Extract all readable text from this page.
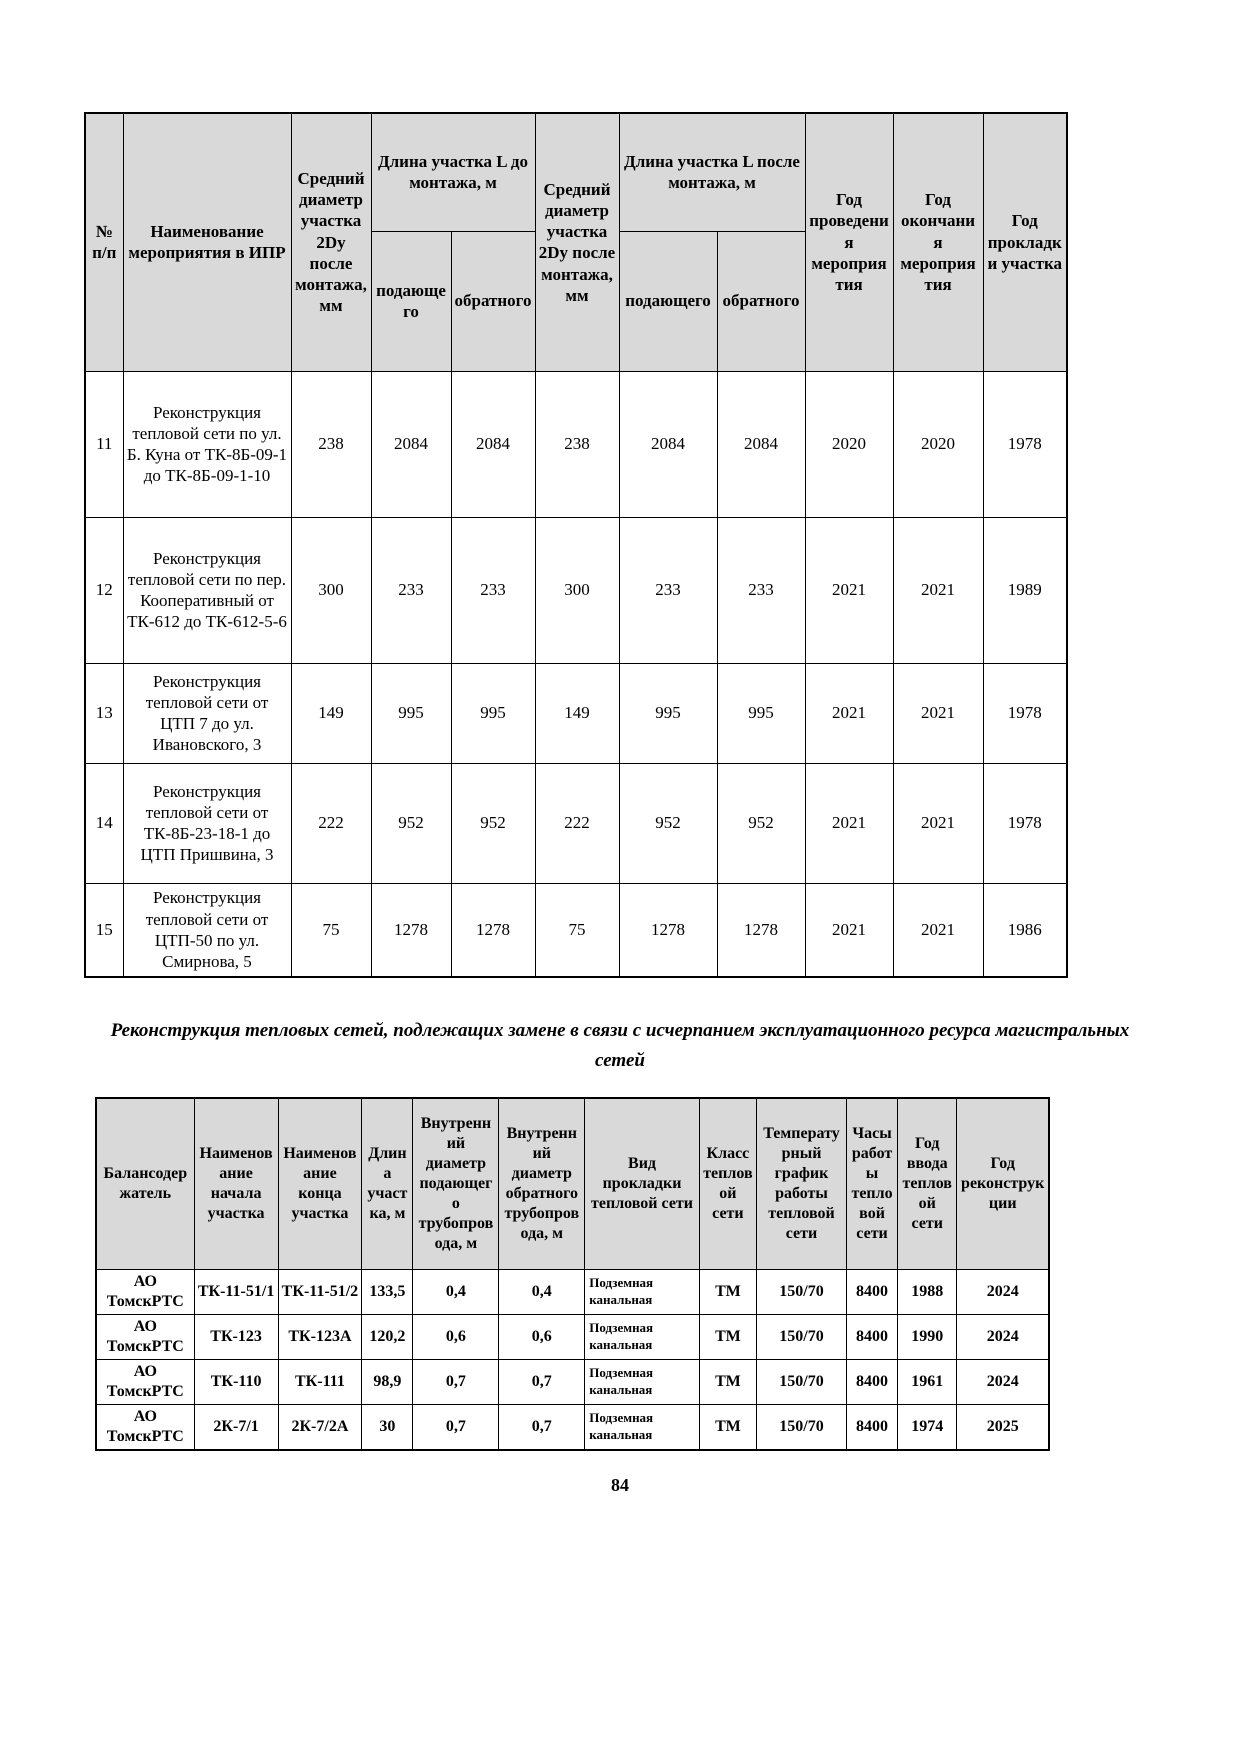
№ п/п	Наименование мероприятия в ИПР	Средний диаметр участка 2Dy после монтажа, мм	Длина участка L до монтажа, м		Средний диаметр участка 2Dy после монтажа, мм	Длина участка L после монтажа, м		Год проведения мероприятия	Год окончания мероприятия	Год прокладки участка
			подающего	обратного		подающего	обратного			
11	Реконструкция тепловой сети по ул. Б. Куна от ТК-8Б-09-1 до ТК-8Б-09-1-10	238	2084	2084	238	2084	2084	2020	2020	1978
12	Реконструкция тепловой сети по пер. Кооперативный от ТК-612 до ТК-612-5-6	300	233	233	300	233	233	2021	2021	1989
13	Реконструкция тепловой сети от ЦТП 7 до ул. Ивановского, 3	149	995	995	149	995	995	2021	2021	1978
14	Реконструкция тепловой сети от ТК-8Б-23-18-1 до ЦТП Пришвина, 3	222	952	952	222	952	952	2021	2021	1978
15	Реконструкция тепловой сети от ЦТП-50 по ул. Смирнова, 5	75	1278	1278	75	1278	1278	2021	2021	1986
Реконструкция тепловых сетей, подлежащих замене в связи с исчерпанием эксплуатационного ресурса магистральных сетей
Балансодержатель	Наименование начала участка	Наименование конца участка	Длина участка, м	Внутренний диаметр подающего трубопровода, м	Внутренний диаметр обратного трубопровода, м	Вид прокладки тепловой сети	Класс тепловой сети	Температурный график работы тепловой сети	Часы работы тепловой сети	Год ввода тепловой сети	Год реконструкции
АО ТомскРТС	ТК-11-51/1	ТК-11-51/2	133,5	0,4	0,4	Подземная канальная	ТМ	150/70	8400	1988	2024
АО ТомскРТС	ТК-123	ТК-123А	120,2	0,6	0,6	Подземная канальная	ТМ	150/70	8400	1990	2024
АО ТомскРТС	ТК-110	ТК-111	98,9	0,7	0,7	Подземная канальная	ТМ	150/70	8400	1961	2024
АО ТомскРТС	2К-7/1	2К-7/2А	30	0,7	0,7	Подземная канальная	ТМ	150/70	8400	1974	2025
84
